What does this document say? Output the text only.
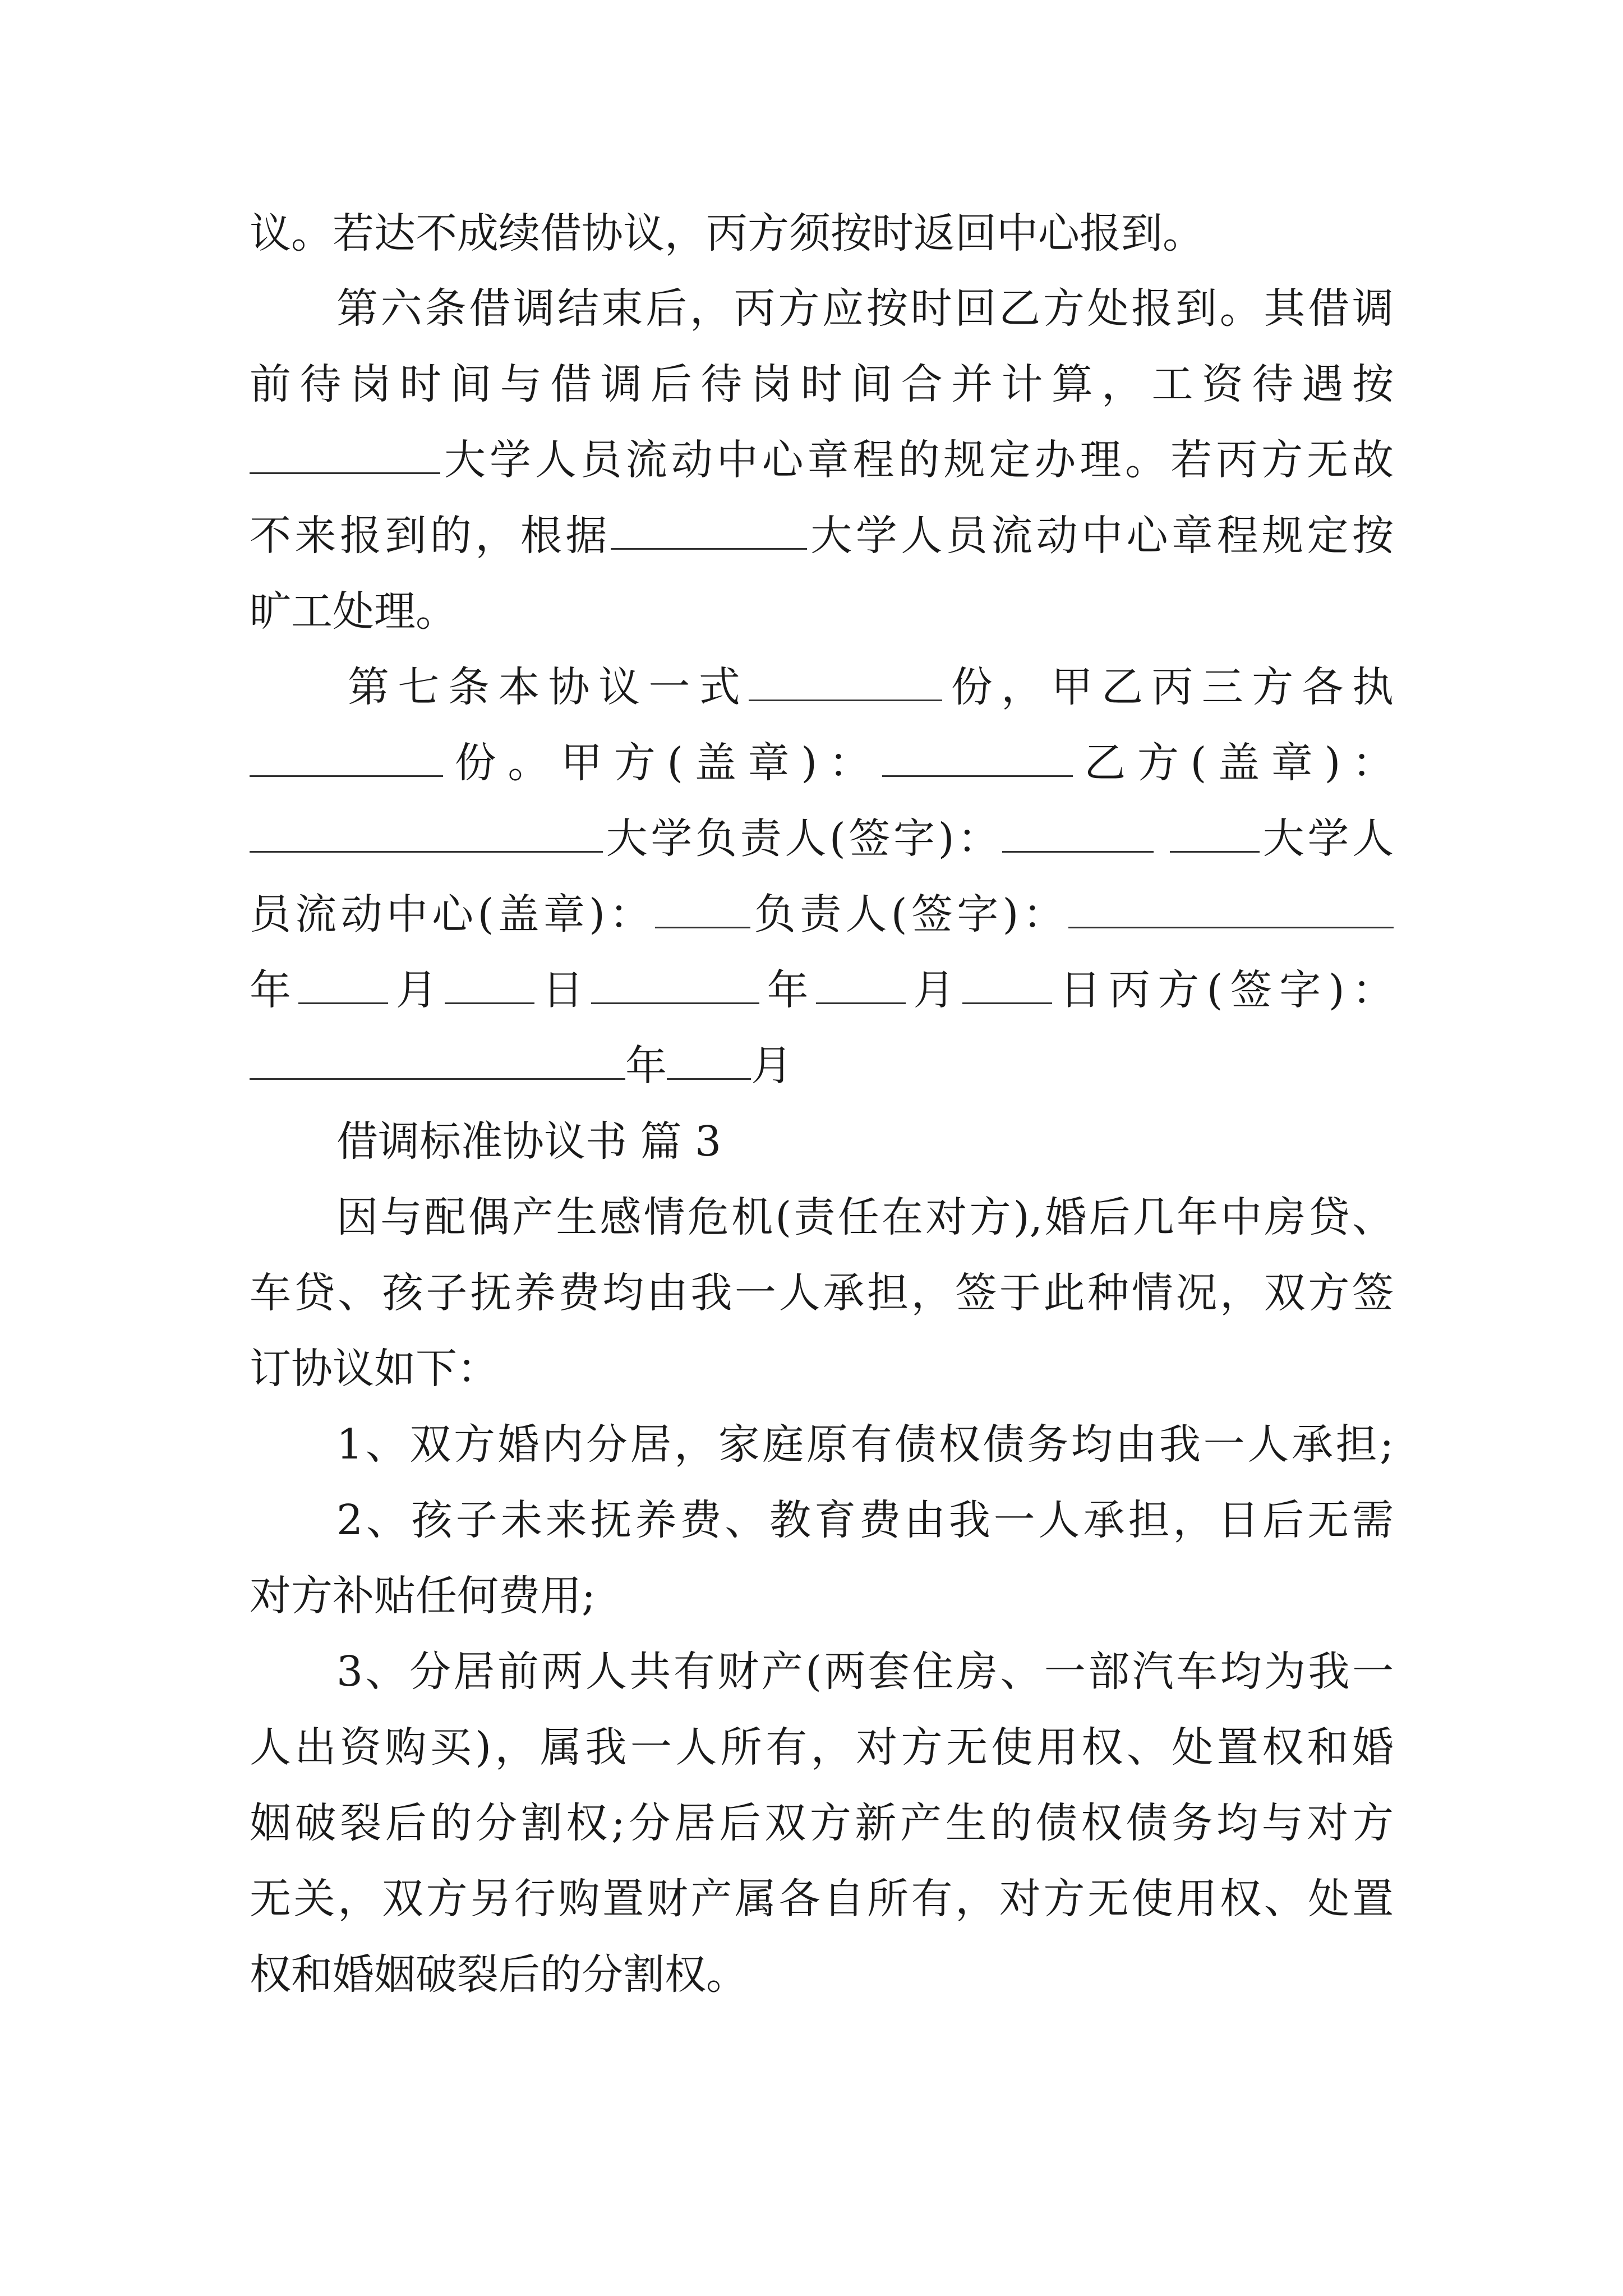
议。若达不成续借协议，丙方须按时返回中心报到。
第六条借调结束后，丙方应按时回乙方处报到。其借调
前待岗时间与借调后待岗时间合并计算，工资待遇按
大学人员流动中心章程的规定办理。若丙方无故
不来报到的，根据	大学人员流动中心章程规定按
旷工处理。
第七条本协议一式	份，甲乙丙三方各执
份。甲方(盖章)：	乙方(盖章)：
大学负责人(签字)：	大学人
员流动中心(盖章)： 负责人(签字)：
年 月 日	年 月 日丙方(签字)：
年 月
借调标准协议书 篇 3
因与配偶产生感情危机(责任在对方),婚后几年中房贷、
车贷、孩子抚养费均由我一人承担，签于此种情况，双方签
订协议如下：
1、双方婚内分居，家庭原有债权债务均由我一人承担;
2、孩子未来抚养费、教育费由我一人承担，日后无需
对方补贴任何费用;
3、分居前两人共有财产(两套住房、一部汽车均为我一
人出资购买)，属我一人所有，对方无使用权、处置权和婚
姻破裂后的分割权;分居后双方新产生的债权债务均与对方
无关，双方另行购置财产属各自所有，对方无使用权、处置
权和婚姻破裂后的分割权。
